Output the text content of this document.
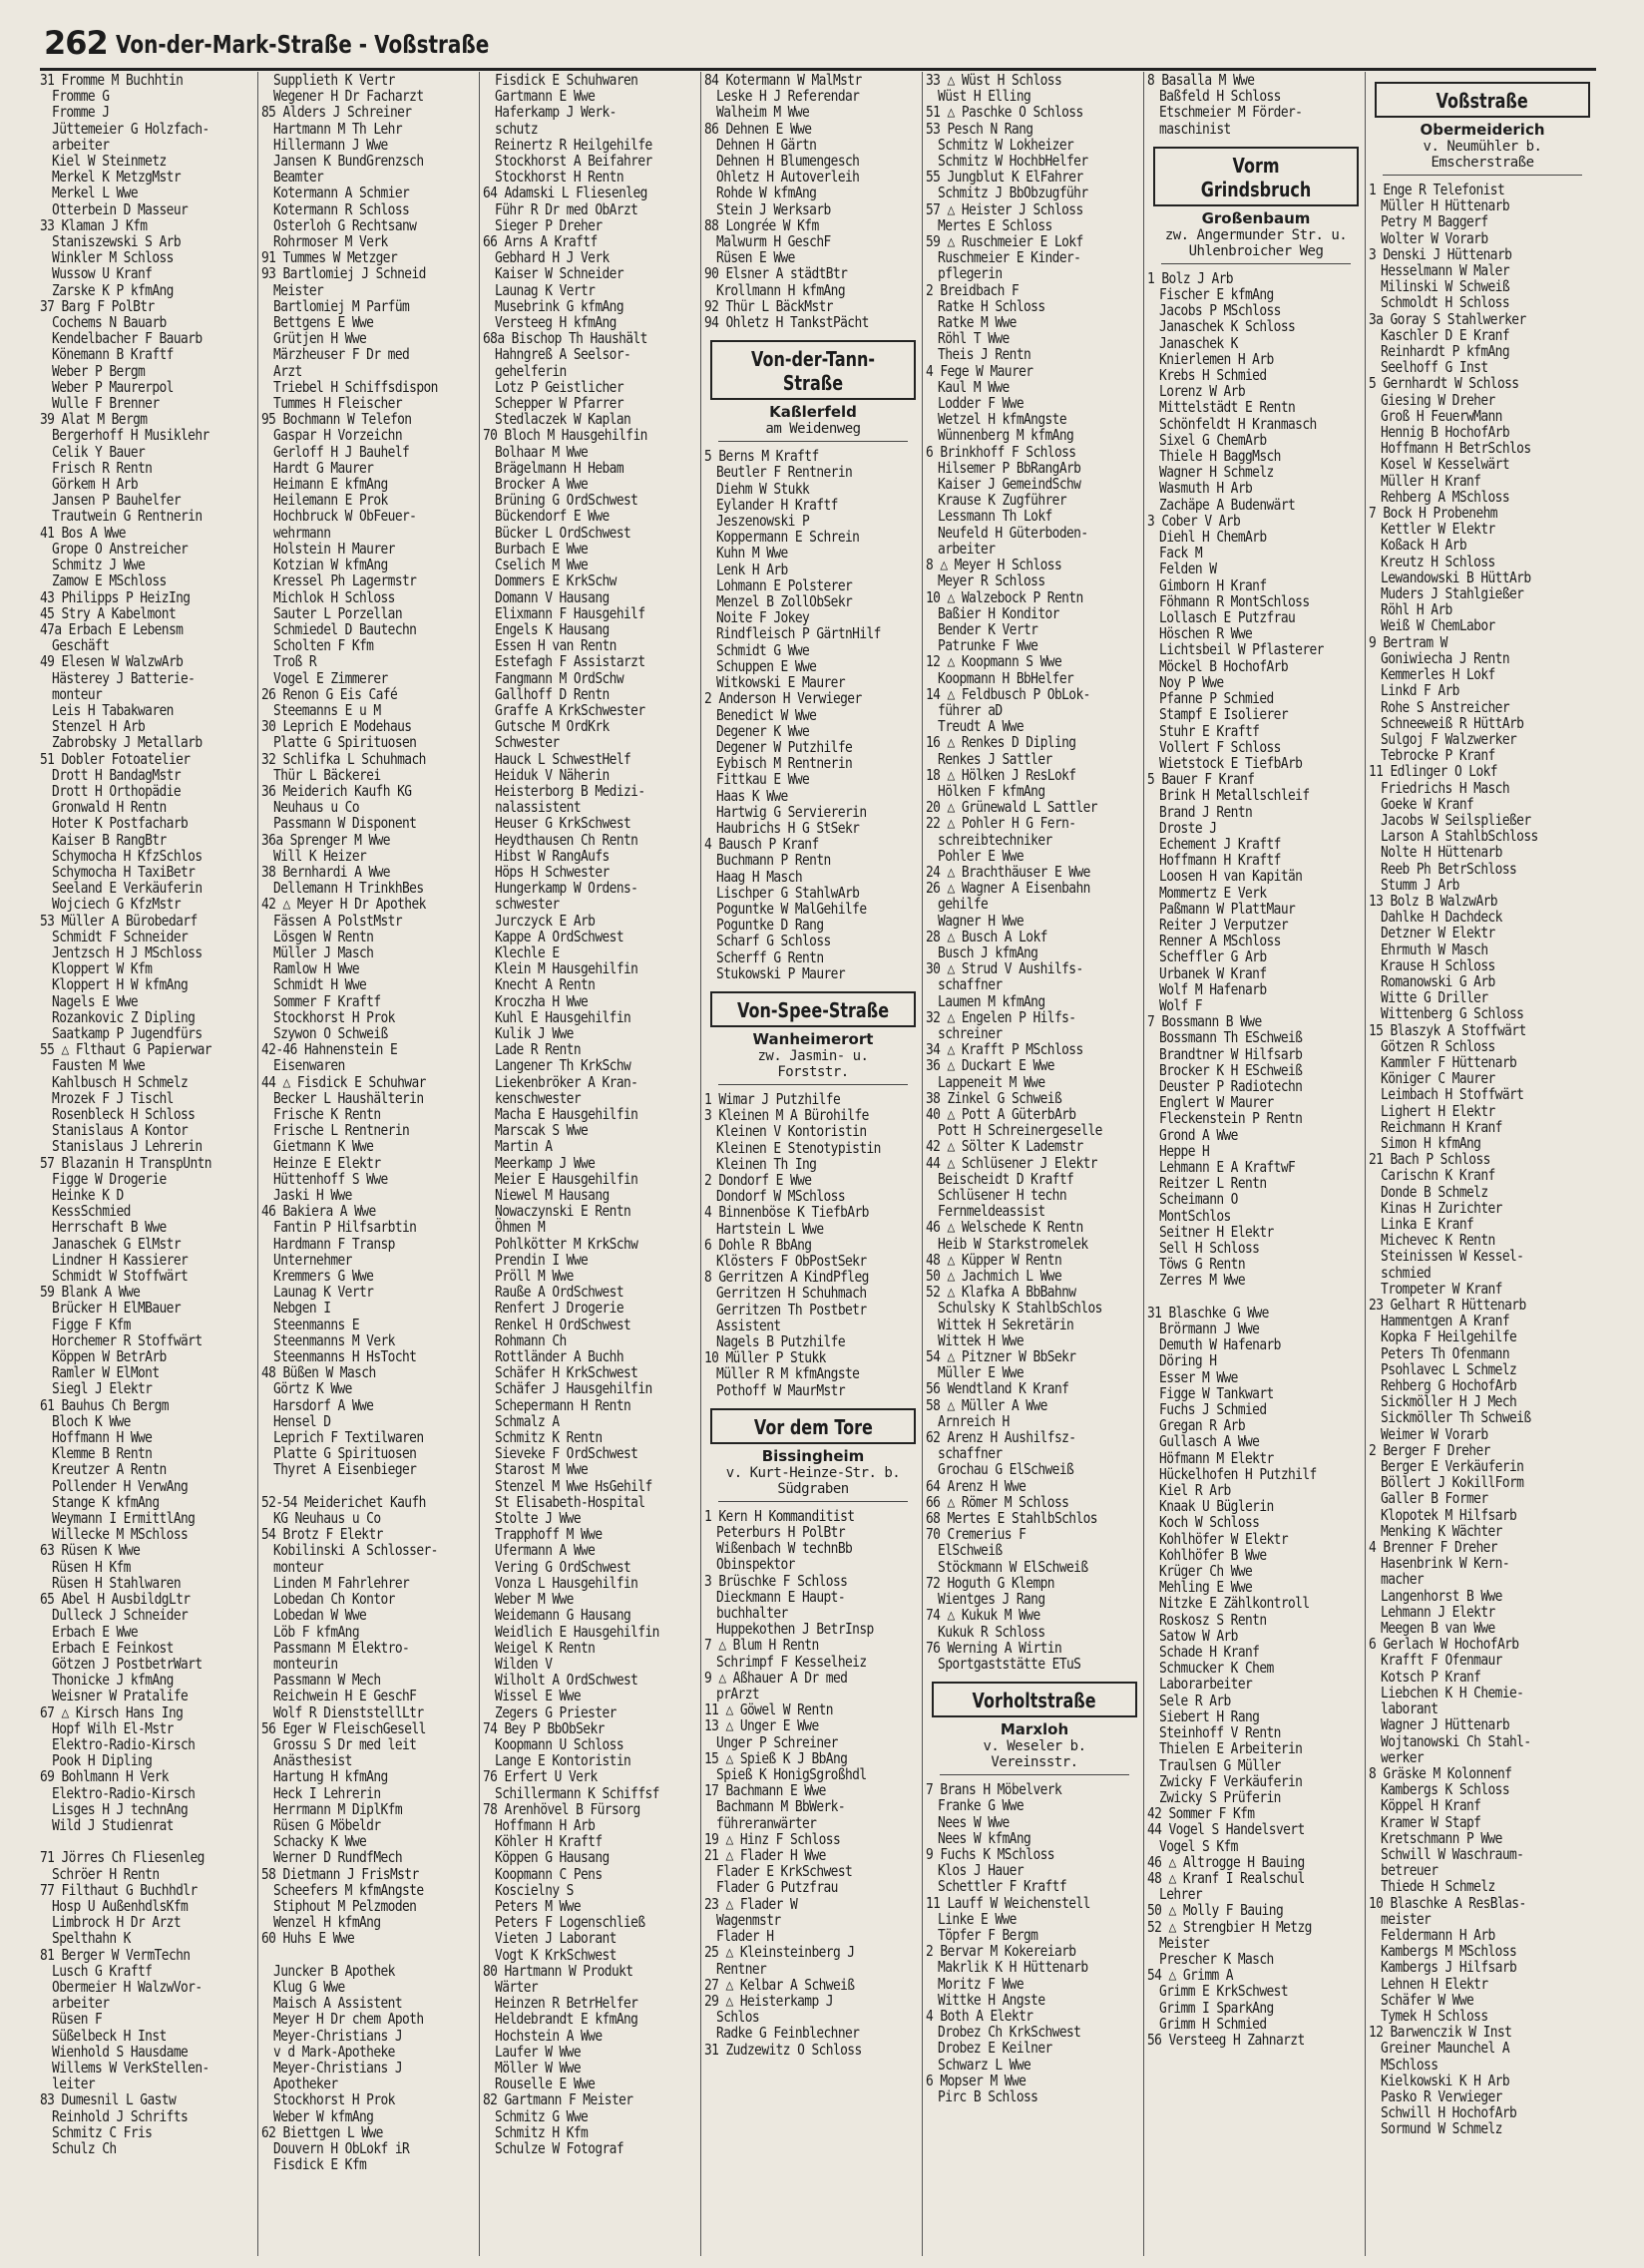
262 Von-der-Mark-Straße - Voßstraße
31 Fromme M Buchhtin
Fromme G
Fromme J
Jüttemeier G Holzfach-
arbeiter
Kiel W Steinmetz
Merkel K MetzgMstr
Merkel L Wwe
Otterbein D Masseur
33 Klaman J Kfm
Staniszewski S Arb
Winkler M Schloss
Wussow U Kranf
Zarske K P kfmAng
37 Barg F PolBtr
Cochems N Bauarb
Kendelbacher F Bauarb
Könemann B Kraftf
Weber P Bergm
Weber P Maurerpol
Wulle F Brenner
39 Alat M Bergm
Bergerhoff H Musiklehr
Celik Y Bauer
Frisch R Rentn
Görkem H Arb
Jansen P Bauhelfer
Trautwein G Rentnerin
41 Bos A Wwe
Grope O Anstreicher
Schmitz J Wwe
Zamow E MSchloss
43 Philipps P HeizIng
45 Stry A Kabelmont
47a Erbach E Lebensm
Geschäft
49 Elesen W WalzwArb
Hästerey J Batterie-
monteur
Leis H Tabakwaren
Stenzel H Arb
Zabrobsky J Metallarb
51 Dobler Fotoatelier
Drott H BandagMstr
Drott H Orthopädie
Gronwald H Rentn
Hoter K Postfacharb
Kaiser B RangBtr
Schymocha H KfzSchlos
Schymocha H TaxiBetr
Seeland E Verkäuferin
Wojciech G KfzMstr
53 Müller A Bürobedarf
Schmidt F Schneider
Jentzsch H J MSchloss
Kloppert W Kfm
Kloppert H W kfmAng
Nagels E Wwe
Rozankovic Z Dipling
Saatkamp P Jugendfürs
55 △ Flthaut G Papierwar
Fausten M Wwe
Kahlbusch H Schmelz
Mrozek F J Tischl
Rosenbleck H Schloss
Stanislaus A Kontor
Stanislaus J Lehrerin
57 Blazanin H TranspUntn
Figge W Drogerie
Heinke K D
KessSchmied
Herrschaft B Wwe
Janaschek G ElMstr
Lindner H Kassierer
Schmidt W Stoffwärt
59 Blank A Wwe
Brücker H ElMBauer
Figge F Kfm
Horchemer R Stoffwärt
Köppen W BetrArb
Ramler W ElMont
Siegl J Elektr
61 Bauhus Ch Bergm
Bloch K Wwe
Hoffmann H Wwe
Klemme B Rentn
Kreutzer A Rentn
Pollender H VerwAng
Stange K kfmAng
Weymann I ErmittlAng
Willecke M MSchloss
63 Rüsen K Wwe
Rüsen H Kfm
Rüsen H Stahlwaren
65 Abel H AusbildgLtr
Dulleck J Schneider
Erbach E Wwe
Erbach E Feinkost
Götzen J PostbetrWart
Thonicke J kfmAng
Weisner W Pratalife
67 △ Kirsch Hans Ing
Hopf Wilh El-Mstr
Elektro-Radio-Kirsch
Pook H Dipling
69 Bohlmann H Verk
Elektro-Radio-Kirsch
Lisges H J technAng
Wild J Studienrat

71 Jörres Ch Fliesenleg
Schröer H Rentn
77 Filthaut G Buchhdlr
Hosp U AußenhdlsKfm
Limbrock H Dr Arzt
Spelthahn K
81 Berger W VermTechn
Lusch G Kraftf
Obermeier H WalzwVor-
arbeiter
Rüsen F
Süßelbeck H Inst
Wienhold S Hausdame
Willems W VerkStellen-
leiter
83 Dumesnil L Gastw
Reinhold J Schrifts
Schmitz C Fris
Schulz Ch
Supplieth K Vertr
Wegener H Dr Facharzt
85 Alders J Schreiner
Hartmann M Th Lehr
Hillermann J Wwe
Jansen K BundGrenzsch
Beamter
Kotermann A Schmier
Kotermann R Schloss
Osterloh G Rechtsanw
Rohrmoser M Verk
91 Tummes W Metzger
93 Bartlomiej J Schneid
Meister
Bartlomiej M Parfüm
Bettgens E Wwe
Grütjen H Wwe
Märzheuser F Dr med
Arzt
Triebel H Schiffsdispon
Tummes H Fleischer
95 Bochmann W Telefon
Gaspar H Vorzeichn
Gerloff H J Bauhelf
Hardt G Maurer
Heimann E kfmAng
Heilemann E Prok
Hochbruck W ObFeuer-
wehrmann
Holstein H Maurer
Kotzian W kfmAng
Kressel Ph Lagermstr
Michlok H Schloss
Sauter L Porzellan
Schmiedel D Bautechn
Scholten F Kfm
Troß R
Vogel E Zimmerer
26 Renon G Eis Café
Steemanns E u M
30 Leprich E Modehaus
Platte G Spirituosen
32 Schlifka L Schuhmach
Thür L Bäckerei
36 Meiderich Kaufh KG
Neuhaus u Co
Passmann W Disponent
36a Sprenger M Wwe
Will K Heizer
38 Bernhardi A Wwe
Dellemann H TrinkhBes
42 △ Meyer H Dr Apothek
Fässen A PolstMstr
Lösgen W Rentn
Müller J Masch
Ramlow H Wwe
Schmidt H Wwe
Sommer F Kraftf
Stockhorst H Prok
Szywon O Schweiß
42-46 Hahnenstein E
Eisenwaren
44 △ Fisdick E Schuhwar
Becker L Haushälterin
Frische K Rentn
Frische L Rentnerin
Gietmann K Wwe
Heinze E Elektr
Hüttenhoff S Wwe
Jaski H Wwe
46 Bakiera A Wwe
Fantin P Hilfsarbtin
Hardmann F Transp
Unternehmer
Kremmers G Wwe
Launag K Vertr
Nebgen I
Steenmanns E
Steenmanns M Verk
Steenmanns H HsTocht
48 Büßen W Masch
Görtz K Wwe
Harsdorf A Wwe
Hensel D
Leprich F Textilwaren
Platte G Spirituosen
Thyret A Eisenbieger

52-54 Meiderichet Kaufh
KG Neuhaus u Co
54 Brotz F Elektr
Kobilinski A Schlosser-
monteur
Linden M Fahrlehrer
Lobedan Ch Kontor
Lobedan W Wwe
Löb F kfmAng
Passmann M Elektro-
monteurin
Passmann W Mech
Reichwein H E GeschF
Wolf R DienststellLtr
56 Eger W FleischGesell
Grossu S Dr med leit
Anästhesist
Hartung H kfmAng
Heck I Lehrerin
Herrmann M DiplKfm
Rüsen G Möbeldr
Schacky K Wwe
Werner D RundfMech
58 Dietmann J FrisMstr
Scheefers M kfmAngste
Stiphout M Pelzmoden
Wenzel H kfmAng
60 Huhs E Wwe

Juncker B Apothek
Klug G Wwe
Maisch A Assistent
Meyer H Dr chem Apoth
Meyer-Christians J
v d Mark-Apotheke
Meyer-Christians J
Apotheker
Stockhorst H Prok
Weber W kfmAng
62 Biettgen L Wwe
Douvern H ObLokf iR
Fisdick E Kfm
Fisdick E Schuhwaren
Gartmann E Wwe
Haferkamp J Werk-
schutz
Reinertz R Heilgehilfe
Stockhorst A Beifahrer
Stockhorst H Rentn
64 Adamski L Fliesenleg
Führ R Dr med ObArzt
Sieger P Dreher
66 Arns A Kraftf
Gebhard H J Verk
Kaiser W Schneider
Launag K Vertr
Musebrink G kfmAng
Versteeg H kfmAng
68a Bischop Th Haushält
Hahngreß A Seelsor-
gehelferin
Lotz P Geistlicher
Schepper W Pfarrer
Stedlaczek W Kaplan
70 Bloch M Hausgehilfin
Bolhaar M Wwe
Brägelmann H Hebam
Brocker A Wwe
Brüning G OrdSchwest
Bückendorf E Wwe
Bücker L OrdSchwest
Burbach E Wwe
Cselich M Wwe
Dommers E KrkSchw
Domann V Hausang
Elixmann F Hausgehilf
Engels K Hausang
Essen H van Rentn
Estefagh F Assistarzt
Fangmann M OrdSchw
Gallhoff D Rentn
Graffe A KrkSchwester
Gutsche M OrdKrk
Schwester
Hauck L SchwestHelf
Heiduk V Näherin
Heisterborg B Medizi-
nalassistent
Heuser G KrkSchwest
Heydthausen Ch Rentn
Hibst W RangAufs
Höps H Schwester
Hungerkamp W Ordens-
schwester
Jurczyck E Arb
Kappe A OrdSchwest
Klechle E
Klein M Hausgehilfin
Knecht A Rentn
Kroczha H Wwe
Kuhl E Hausgehilfin
Kulik J Wwe
Lade R Rentn
Langener Th KrkSchw
Liekenbröker A Kran-
kenschwester
Macha E Hausgehilfin
Marscak S Wwe
Martin A
Meerkamp J Wwe
Meier E Hausgehilfin
Niewel M Hausang
Nowaczynski E Rentn
Öhmen M
Pohlkötter M KrkSchw
Prendin I Wwe
Pröll M Wwe
Rauße A OrdSchwest
Renfert J Drogerie
Renkel H OrdSchwest
Rohmann Ch
Rottländer A Buchh
Schäfer H KrkSchwest
Schäfer J Hausgehilfin
Schepermann H Rentn
Schmalz A
Schmitz K Rentn
Sieveke F OrdSchwest
Starost M Wwe
Stenzel M Wwe HsGehilf
St Elisabeth-Hospital
Stolte J Wwe
Trapphoff M Wwe
Ufermann A Wwe
Vering G OrdSchwest
Vonza L Hausgehilfin
Weber M Wwe
Weidemann G Hausang
Weidlich E Hausgehilfin
Weigel K Rentn
Wilden V
Wilholt A OrdSchwest
Wissel E Wwe
Zegers G Priester
74 Bey P BbObSekr
Koopmann U Schloss
Lange E Kontoristin
76 Erfert U Verk
Schillermann K Schiffsf
78 Arenhövel B Fürsorg
Hoffmann H Arb
Köhler H Kraftf
Köppen G Hausang
Koopmann C Pens
Koscielny S
Peters M Wwe
Peters F Logenschließ
Vieten J Laborant
Vogt K KrkSchwest
80 Hartmann W Produkt
Wärter
Heinzen R BetrHelfer
Heldebrandt E kfmAng
Hochstein A Wwe
Laufer W Wwe
Möller W Wwe
Rouselle E Wwe
82 Gartmann F Meister
Schmitz G Wwe
Schmitz H Kfm
Schulze W Fotograf
84 Kotermann W MalMstr
Leske H J Referendar
Walheim M Wwe
86 Dehnen E Wwe
Dehnen H Gärtn
Dehnen H Blumengesch
Ohletz H Autoverleih
Rohde W kfmAng
Stein J Werksarb
88 Longrée W Kfm
Malwurm H GeschF
Rüsen E Wwe
90 Elsner A städtBtr
Krollmann H kfmAng
92 Thür L BäckMstr
94 Ohletz H TankstPächt
Von-der-Tann-Straße
Kaßlerfeld
am Weidenweg
5 Berns M Kraftf
Beutler F Rentnerin
Diehm W Stukk
Eylander H Kraftf
Jeszenowski P
Koppermann E Schrein
Kuhn M Wwe
Lenk H Arb
Lohmann E Polsterer
Menzel B ZollObSekr
Noite F Jokey
Rindfleisch P GärtnHilf
Schmidt G Wwe
Schuppen E Wwe
Witkowski E Maurer
2 Anderson H Verwieger
Benedict W Wwe
Degener K Wwe
Degener W Putzhilfe
Eybisch M Rentnerin
Fittkau E Wwe
Haas K Wwe
Hartwig G Serviererin
Haubrichs H G StSekr
4 Bausch P Kranf
Buchmann P Rentn
Haag H Masch
Lischper G StahlwArb
Poguntke W MalGehilfe
Poguntke D Rang
Scharf G Schloss
Scherff G Rentn
Stukowski P Maurer
Von-Spee-Straße
Wanheimerort
zw. Jasmin- u. Forststr.
1 Wimar J Putzhilfe
3 Kleinen M A Bürohilfe
Kleinen V Kontoristin
Kleinen E Stenotypistin
Kleinen Th Ing
2 Dondorf E Wwe
Dondorf W MSchloss
4 Binnenböse K TiefbArb
Hartstein L Wwe
6 Dohle R BbAng
Klösters F ObPostSekr
8 Gerritzen A KindPfleg
Gerritzen H Schuhmach
Gerritzen Th Postbetr
Assistent
Nagels B Putzhilfe
10 Müller P Stukk
Müller R M kfmAngste
Pothoff W MaurMstr
Vor dem Tore
Bissingheim
v. Kurt-Heinze-Str. b.
Südgraben
1 Kern H Kommanditist
Peterburs H PolBtr
Wißenbach W technBb
Obinspektor
3 Brüschke F Schloss
Dieckmann E Haupt-
buchhalter
Huppekothen J BetrInsp
7 △ Blum H Rentn
Schrimpf F Kesselheiz
9 △ Aßhauer A Dr med
prArzt
11 △ Göwel W Rentn
13 △ Unger E Wwe
Unger P Schreiner
15 △ Spieß K J BbAng
Spieß K HonigSgroßhdl
17 Bachmann E Wwe
Bachmann M BbWerk-
führeranwärter
19 △ Hinz F Schloss
21 △ Flader H Wwe
Flader E KrkSchwest
Flader G Putzfrau
23 △ Flader W
Wagenmstr
Flader H
25 △ Kleinsteinberg J
Rentner
27 △ Kelbar A Schweiß
29 △ Heisterkamp J
Schlos
Radke G Feinblechner
31 Zudzewitz O Schloss
33 △ Wüst H Schloss
Wüst H Elling
51 △ Paschke O Schloss
53 Pesch N Rang
Schmitz W Lokheizer
Schmitz W HochbHelfer
55 Jungblut K ElFahrer
Schmitz J BbObzugführ
57 △ Heister J Schloss
Mertes E Schloss
59 △ Ruschmeier E Lokf
Ruschmeier E Kinder-
pflegerin
2 Breidbach F
Ratke H Schloss
Ratke M Wwe
Röhl T Wwe
Theis J Rentn
4 Fege W Maurer
Kaul M Wwe
Lodder F Wwe
Wetzel H kfmAngste
Wünnenberg M kfmAng
6 Brinkhoff F Schloss
Hilsemer P BbRangArb
Kaiser J GemeindSchw
Krause K Zugführer
Lessmann Th Lokf
Neufeld H Güterboden-
arbeiter
8 △ Meyer H Schloss
Meyer R Schloss
10 △ Walzebock P Rentn
Baßier H Konditor
Bender K Vertr
Patrunke F Wwe
12 △ Koopmann S Wwe
Koopmann H BbHelfer
14 △ Feldbusch P ObLok-
führer aD
Treudt A Wwe
16 △ Renkes D Dipling
Renkes J Sattler
18 △ Hölken J ResLokf
Hölken F kfmAng
20 △ Grünewald L Sattler
22 △ Pohler H G Fern-
schreibtechniker
Pohler E Wwe
24 △ Brachthäuser E Wwe
26 △ Wagner A Eisenbahn
gehilfe
Wagner H Wwe
28 △ Busch A Lokf
Busch J kfmAng
30 △ Strud V Aushilfs-
schaffner
Laumen M kfmAng
32 △ Engelen P Hilfs-
schreiner
34 △ Krafft P MSchloss
36 △ Duckart E Wwe
Lappeneit M Wwe
38 Zinkel G Schweiß
40 △ Pott A GüterbArb
Pott H Schreinergeselle
42 △ Sölter K Lademstr
44 △ Schlüsener J Elektr
Beischeidt D Kraftf
Schlüsener H techn
Fernmeldeassist
46 △ Welschede K Rentn
Heib W Starkstromelek
48 △ Küpper W Rentn
50 △ Jachmich L Wwe
52 △ Klafka A BbBahnw
Schulsky K StahlbSchlos
Wittek H Sekretärin
Wittek H Wwe
54 △ Pitzner W BbSekr
Müller E Wwe
56 Wendtland K Kranf
58 △ Müller A Wwe
Arnreich H
62 Arenz H Aushilfsz-
schaffner
Grochau G ElSchweiß
64 Arenz H Wwe
66 △ Römer M Schloss
68 Mertes E StahlbSchlos
70 Cremerius F
ElSchweiß
Stöckmann W ElSchweiß
72 Hoguth G Klempn
Wientges J Rang
74 △ Kukuk M Wwe
Kukuk R Schloss
76 Werning A Wirtin
Sportgaststätte ETuS
Vorholtstraße
Marxloh
v. Weseler b. Vereinsstr.
7 Brans H Möbelverk
Franke G Wwe
Nees W Wwe
Nees W kfmAng
9 Fuchs K MSchloss
Klos J Hauer
Schettler F Kraftf
11 Lauff W Weichenstell
Linke E Wwe
Töpfer F Bergm
2 Bervar M Kokereiarb
Makrlik K H Hüttenarb
Moritz F Wwe
Wittke H Angste
4 Both A Elektr
Drobez Ch KrkSchwest
Drobez E Keilner
Schwarz L Wwe
6 Mopser M Wwe
Pirc B Schloss
8 Basalla M Wwe
Baßfeld H Schloss
Etschmeier M Förder-
maschinist
Vorm Grindsbruch
Großenbaum
zw. Angermunder Str. u.
Uhlenbroicher Weg
1 Bolz J Arb
Fischer E kfmAng
Jacobs P MSchloss
Janaschek K Schloss
Janaschek K
Knierlemen H Arb
Krebs H Schmied
Lorenz W Arb
Mittelstädt E Rentn
Schönfeldt H Kranmasch
Sixel G ChemArb
Thiele H BaggMsch
Wagner H Schmelz
Wasmuth H Arb
Zachäpe A Budenwärt
3 Cober V Arb
Diehl H ChemArb
Fack M
Felden W
Gimborn H Kranf
Föhmann R MontSchloss
Lollasch E Putzfrau
Höschen R Wwe
Lichtsbeil W Pflasterer
Möckel B HochofArb
Noy P Wwe
Pfanne P Schmied
Stampf E Isolierer
Stuhr E Kraftf
Vollert F Schloss
Wietstock E TiefbArb
5 Bauer F Kranf
Brink H Metallschleif
Brand J Rentn
Droste J
Echement J Kraftf
Hoffmann H Kraftf
Loosen H van Kapitän
Mommertz E Verk
Paßmann W PlattMaur
Reiter J Verputzer
Renner A MSchloss
Scheffler G Arb
Urbanek W Kranf
Wolf M Hafenarb
Wolf F
7 Bossmann B Wwe
Bossmann Th ESchweiß
Brandtner W Hilfsarb
Brocker K H ESchweiß
Deuster P Radiotechn
Englert W Maurer
Fleckenstein P Rentn
Grond A Wwe
Heppe H
Lehmann E A KraftwF
Reitzer L Rentn
Scheimann O
MontSchlos
Seitner H Elektr
Sell H Schloss
Töws G Rentn
Zerres M Wwe

31 Blaschke G Wwe
Brörmann J Wwe
Demuth W Hafenarb
Döring H
Esser M Wwe
Figge W Tankwart
Fuchs J Schmied
Gregan R Arb
Gullasch A Wwe
Höfmann M Elektr
Hückelhofen H Putzhilf
Kiel R Arb
Knaak U Büglerin
Koch W Schloss
Kohlhöfer W Elektr
Kohlhöfer B Wwe
Krüger Ch Wwe
Mehling E Wwe
Nitzke E Zählkontroll
Roskosz S Rentn
Satow W Arb
Schade H Kranf
Schmucker K Chem
Laborarbeiter
Sele R Arb
Siebert H Rang
Steinhoff V Rentn
Thielen E Arbeiterin
Traulsen G Müller
Zwicky F Verkäuferin
Zwicky S Prüferin
42 Sommer F Kfm
44 Vogel S Handelsvert
Vogel S Kfm
46 △ Altrogge H Bauing
48 △ Kranf I Realschul
Lehrer
50 △ Molly F Bauing
52 △ Strengbier H Metzg
Meister
Prescher K Masch
54 △ Grimm A
Grimm E KrkSchwest
Grimm I SparkAng
Grimm H Schmied
56 Versteeg H Zahnarzt
Voßstraße
Obermeiderich
v. Neumühler b.
Emscherstraße
1 Enge R Telefonist
Müller H Hüttenarb
Petry M Baggerf
Wolter W Vorarb
3 Denski J Hüttenarb
Hesselmann W Maler
Milinski W Schweiß
Schmoldt H Schloss
3a Goray S Stahlwerker
Kaschler D E Kranf
Reinhardt P kfmAng
Seelhoff G Inst
5 Gernhardt W Schloss
Giesing W Dreher
Groß H FeuerwMann
Hennig B HochofArb
Hoffmann H BetrSchlos
Kosel W Kesselwärt
Müller H Kranf
Rehberg A MSchloss
7 Bock H Probenehm
Kettler W Elektr
Koßack H Arb
Kreutz H Schloss
Lewandowski B HüttArb
Muders J Stahlgießer
Röhl H Arb
Weiß W ChemLabor
9 Bertram W
Goniwiecha J Rentn
Kemmerles H Lokf
Linkd F Arb
Rohe S Anstreicher
Schneeweiß R HüttArb
Sulgoj F Walzwerker
Tebrocke P Kranf
11 Edlinger O Lokf
Friedrichs H Masch
Goeke W Kranf
Jacobs W Seilspließer
Larson A StahlbSchloss
Nolte H Hüttenarb
Reeb Ph BetrSchloss
Stumm J Arb
13 Bolz B WalzwArb
Dahlke H Dachdeck
Detzner W Elektr
Ehrmuth W Masch
Krause H Schloss
Romanowski G Arb
Witte G Driller
Wittenberg G Schloss
15 Blaszyk A Stoffwärt
Götzen R Schloss
Kammler F Hüttenarb
Königer C Maurer
Leimbach H Stoffwärt
Lighert H Elektr
Reichmann H Kranf
Simon H kfmAng
21 Bach P Schloss
Carischn K Kranf
Donde B Schmelz
Kinas H Zurichter
Linka E Kranf
Michevec K Rentn
Steinissen W Kessel-
schmied
Trompeter W Kranf
23 Gelhart R Hüttenarb
Hammentgen A Kranf
Kopka F Heilgehilfe
Peters Th Ofenmann
Psohlavec L Schmelz
Rehberg G HochofArb
Sickmöller H J Mech
Sickmöller Th Schweiß
Weimer W Vorarb
2 Berger F Dreher
Berger E Verkäuferin
Böllert J KokillForm
Galler B Former
Klopotek M Hilfsarb
Menking K Wächter
4 Brenner F Dreher
Hasenbrink W Kern-
macher
Langenhorst B Wwe
Lehmann J Elektr
Meegen B van Wwe
6 Gerlach W HochofArb
Krafft F Ofenmaur
Kotsch P Kranf
Liebchen K H Chemie-
laborant
Wagner J Hüttenarb
Wojtanowski Ch Stahl-
werker
8 Gräske M Kolonnenf
Kambergs K Schloss
Köppel H Kranf
Kramer W Stapf
Kretschmann P Wwe
Schwill W Waschraum-
betreuer
Thiede H Schmelz
10 Blaschke A ResBlas-
meister
Feldermann H Arb
Kambergs M MSchloss
Kambergs J Hilfsarb
Lehnen H Elektr
Schäfer W Wwe
Tymek H Schloss
12 Barwenczik W Inst
Greiner Maunchel A
MSchloss
Kielkowski K H Arb
Pasko R Verwieger
Schwill H HochofArb
Sormund W Schmelz
